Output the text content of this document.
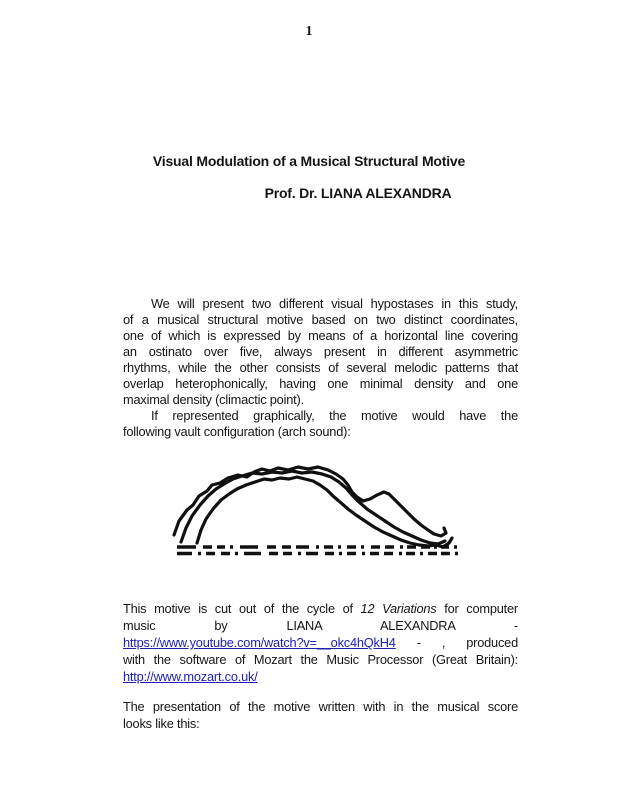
1
Visual Modulation of a Musical Structural Motive
Prof. Dr. LIANA ALEXANDRA
We will present two different visual hypostases in this study,
of a musical structural motive based on two distinct coordinates,
one of which is expressed by means of a horizontal line covering
an ostinato over five, always present in different asymmetric
rhythms, while the other consists of several melodic patterns that
overlap heterophonically, having one minimal density and one
maximal density (climactic point).
If represented graphically, the motive would have the
following vault configuration (arch sound):
This motive is cut out of the cycle of 12 Variations for computer
music by LIANA ALEXANDRA -
https://www.youtube.com/watch?v=__okc4hQkH4 - , produced
with the software of Mozart the Music Processor (Great Britain):
http://www.mozart.co.uk/
The presentation of the motive written with in the musical score
looks like this:
